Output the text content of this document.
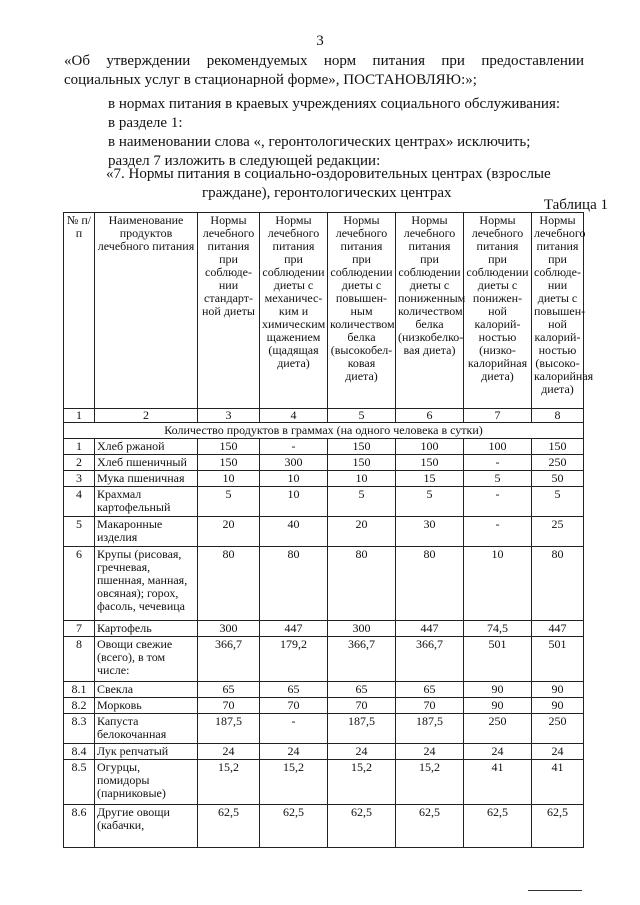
3
«Об утверждении рекомендуемых норм питания при предоставлении социальных услуг в стационарной форме», ПОСТАНОВЛЯЮ:»;
в нормах питания в краевых учреждениях социального обслуживания:
в разделе 1:
в наименовании слова «, геронтологических центрах» исключить;
раздел 7 изложить в следующей редакции:
«7. Нормы питания в социально-оздоровительных центрах (взрослые
граждане), геронтологических центрах
Таблица 1
№ п/п	Наименование продуктов лечебного питания	Нормы лечебного питания при соблюде-нии стандарт-ной диеты	Нормы лечебного питания при соблюдении диеты с механичес-ким и химическим щажением (щадящая диета)	Нормы лечебного питания при соблюдении диеты с повышен-ным количеством белка (высокобел-ковая диета)	Нормы лечебного питания при соблюдении диеты с пониженным количеством белка (низкобелко-вая диета)	Нормы лечебного питания при соблюдении диеты с понижен-ной калорий-ностью (низко-калорийная диета)	Нормы лечебного питания при соблюде-нии диеты с повышен-ной калорий-ностью (высоко-калорийная диета)
1	2	3	4	5	6	7	8
Количество продуктов в граммах (на одного человека в сутки)							
1	Хлеб ржаной	150	-	150	100	100	150
2	Хлеб пшеничный	150	300	150	150	-	250
3	Мука пшеничная	10	10	10	15	5	50
4	Крахмал картофельный	5	10	5	5	-	5
5	Макаронные изделия	20	40	20	30	-	25
6	Крупы (рисовая, гречневая, пшенная, манная, овсяная); горох, фасоль, чечевица	80	80	80	80	10	80
7	Картофель	300	447	300	447	74,5	447
8	Овощи свежие (всего), в том числе:	366,7	179,2	366,7	366,7	501	501
8.1	Свекла	65	65	65	65	90	90
8.2	Морковь	70	70	70	70	90	90
8.3	Капуста белокочанная	187,5	-	187,5	187,5	250	250
8.4	Лук репчатый	24	24	24	24	24	24
8.5	Огурцы, помидоры (парниковые)	15,2	15,2	15,2	15,2	41	41
8.6	Другие овощи (кабачки,	62,5	62,5	62,5	62,5	62,5	62,5
